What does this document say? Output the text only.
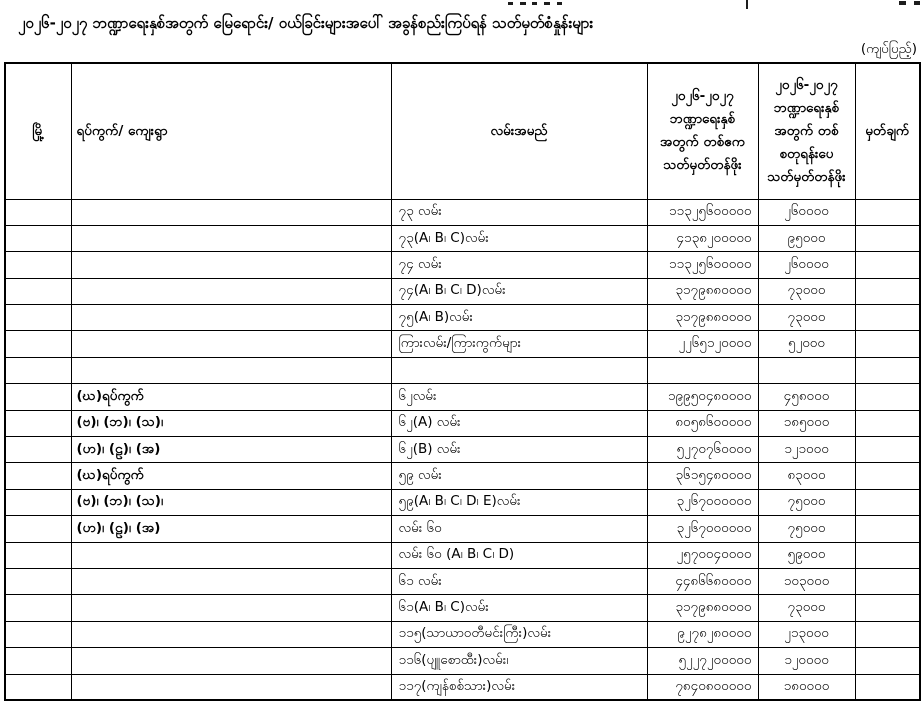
၂၀၂၆-၂၀၂၇ ဘဏ္ဍာရေးနှစ်အတွက် မြေရောင်း/ ဝယ်ခြင်းများအပေါ် အခွန်စည်းကြပ်ရန် သတ်မှတ်စံနှုန်းများ
(ကျပ်ပြည့်)
မြို့	ရပ်ကွက်/ ကျေးရွာ	လမ်းအမည်	၂၀၂၆-၂၀၂၇ ဘဏ္ဍာရေးနှစ် အတွက် တစ်ဧက သတ်မှတ်တန်ဖိုး	၂၀၂၆-၂၀၂၇ ဘဏ္ဍာရေးနှစ် အတွက် တစ်စတုရန်းပေ သတ်မှတ်တန်ဖိုး	မှတ်ချက်
		၇၃ လမ်း	၁၁၃၂၅၆၀၀၀၀၀	၂၆၀၀၀၀	
		၇၃(A၊ B၊ C)လမ်း	၄၁၃၈၂၀၀၀၀၀	၉၅၀၀၀	
		၇၄ လမ်း	၁၁၃၂၅၆၀၀၀၀၀	၂၆၀၀၀၀	
		၇၄(A၊ B၊ C၊ D)လမ်း	၃၁၇၉၈၈၀၀၀၀	၇၃၀၀၀	
		၇၅(A၊ B)လမ်း	၃၁၇၉၈၈၀၀၀၀	၇၃၀၀၀	
		ကြားလမ်း/ကြားကွက်များ	၂၂၆၅၁၂၀၀၀၀	၅၂၀၀၀	

	(ဃ)ရပ်ကွက်	၆၂လမ်း	၁၉၉၅၀၄၈၀၀၀၀	၄၅၈၀၀၀	
	(ဗ)၊ (ဘ)၊ (သ)၊	၆၂(A) လမ်း	၈၀၅၈၆၀၀၀၀၀	၁၈၅၀၀၀	
	(ဟ)၊ (ဠ)၊ (အ)	၆၂(B) လမ်း	၅၂၇၀၇၆၀၀၀၀	၁၂၁၀၀၀	
	(ဃ)ရပ်ကွက်	၅၉ လမ်း	၃၆၁၅၄၈၀၀၀၀	၈၃၀၀၀	
	(ဗ)၊ (ဘ)၊ (သ)၊	၅၉(A၊ B၊ C၊ D၊ E)လမ်း	၃၂၆၇၀၀၀၀၀၀	၇၅၀၀၀	
	(ဟ)၊ (ဠ)၊ (အ)	လမ်း ၆၀	၃၂၆၇၀၀၀၀၀၀	၇၅၀၀၀	
		လမ်း ၆၀ (A၊ B၊ C၊ D)	၂၅၇၀၀၄၀၀၀၀	၅၉၀၀၀	
		၆၁ လမ်း	၄၄၈၆၆၈၀၀၀၀	၁၀၃၀၀၀	
		၆၁(A၊ B၊ C)လမ်း	၃၁၇၉၈၈၀၀၀၀	၇၃၀၀၀	
		၁၁၅(သာယာဝတီမင်းကြီး)လမ်း	၉၂၇၈၂၈၀၀၀၀	၂၁၃၀၀၀	
		၁၁၆(ပျူစောထီး)လမ်း၊	၅၂၂၇၂၀၀၀၀၀	၁၂၀၀၀၀	
		၁၁၇(ကျန်စစ်သား)လမ်း	၇၈၄၀၈၀၀၀၀၀	၁၈၀၀၀၀	
